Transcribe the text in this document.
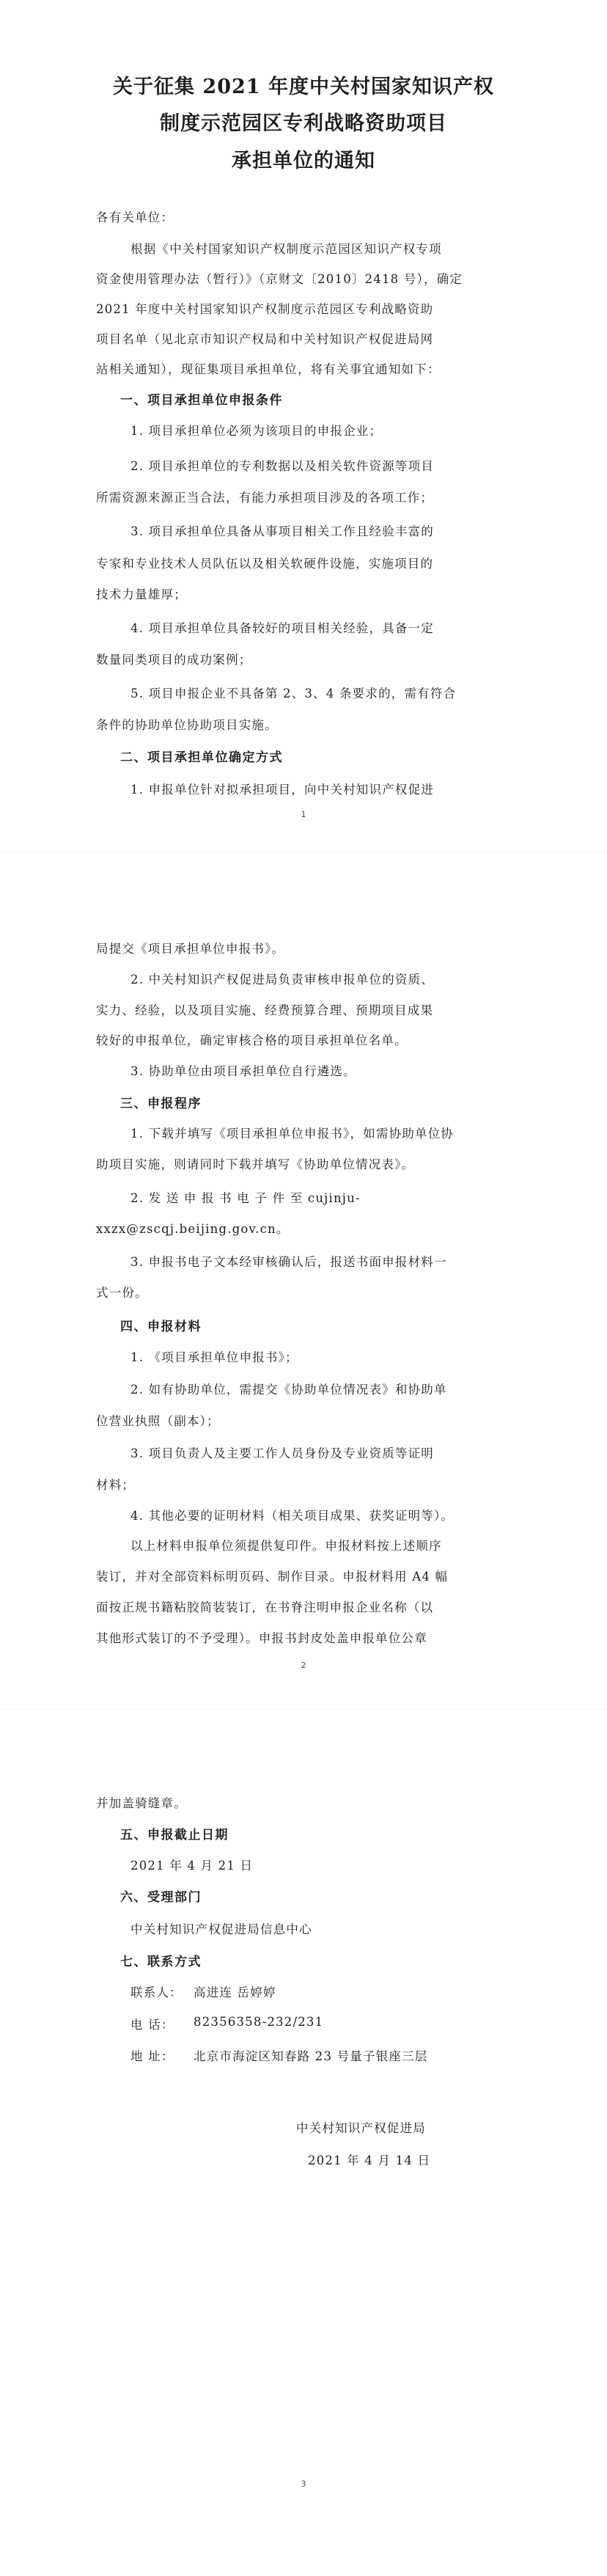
关于征集 2021 年度中关村国家知识产权
制度示范园区专利战略资助项目
承担单位的通知
各有关单位：
根据《中关村国家知识产权制度示范园区知识产权专项
资金使用管理办法（暂行）》（京财文〔2010〕2418 号），确定
2021 年度中关村国家知识产权制度示范园区专利战略资助
项目名单（见北京市知识产权局和中关村知识产权促进局网
站相关通知），现征集项目承担单位，将有关事宜通知如下：
一、项目承担单位申报条件
1. 项目承担单位必须为该项目的申报企业；
2. 项目承担单位的专利数据以及相关软件资源等项目
所需资源来源正当合法，有能力承担项目涉及的各项工作；
3. 项目承担单位具备从事项目相关工作且经验丰富的
专家和专业技术人员队伍以及相关软硬件设施，实施项目的
技术力量雄厚；
4. 项目承担单位具备较好的项目相关经验，具备一定
数量同类项目的成功案例；
5. 项目申报企业不具备第 2、3、4 条要求的，需有符合
条件的协助单位协助项目实施。
二、项目承担单位确定方式
1. 申报单位针对拟承担项目，向中关村知识产权促进
1
局提交《项目承担单位申报书》。
2. 中关村知识产权促进局负责审核申报单位的资质、
实力、经验，以及项目实施、经费预算合理、预期项目成果
较好的申报单位，确定审核合格的项目承担单位名单。
3. 协助单位由项目承担单位自行遴选。
三、申报程序
1. 下载并填写《项目承担单位申报书》，如需协助单位协
助项目实施，则请同时下载并填写《协助单位情况表》。
2. 发 送 申 报 书 电 子 件 至 cujinju-
xxzx@zscqj.beijing.gov.cn。
3. 申报书电子文本经审核确认后，报送书面申报材料一
式一份。
四、申报材料
1. 《项目承担单位申报书》；
2. 如有协助单位，需提交《协助单位情况表》和协助单
位营业执照（副本）；
3. 项目负责人及主要工作人员身份及专业资质等证明
材料；
4. 其他必要的证明材料（相关项目成果、获奖证明等）。
以上材料申报单位须提供复印件。申报材料按上述顺序
装订，并对全部资料标明页码、制作目录。申报材料用 A4 幅
面按正规书籍粘胶简装装订，在书脊注明申报企业名称（以
其他形式装订的不予受理）。申报书封皮处盖申报单位公章
2
并加盖骑缝章。
五、申报截止日期
2021 年 4 月 21 日
六、受理部门
中关村知识产权促进局信息中心
七、联系方式
联系人： 高进连 岳婷婷
电 话： 82356358-232/231
地 址： 北京市海淀区知春路 23 号量子银座三层
中关村知识产权促进局
2021 年 4 月 14 日
3
